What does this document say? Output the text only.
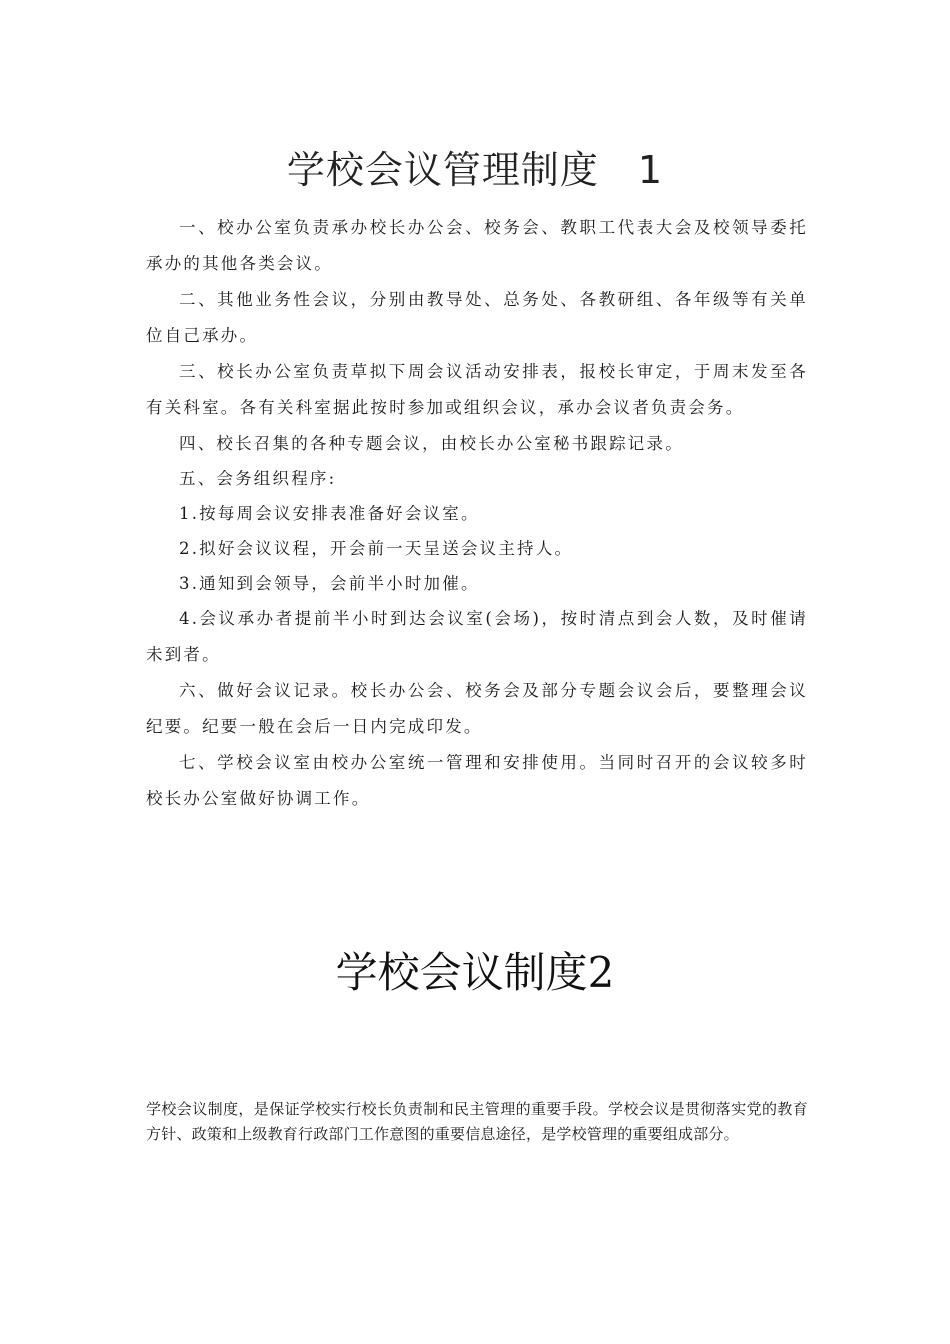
学校会议管理制度　1

一、校办公室负责承办校长办公会、校务会、教职工代表大会及校领导委托承办的其他各类会议。

二、其他业务性会议，分别由教导处、总务处、各教研组、各年级等有关单位自己承办。

三、校长办公室负责草拟下周会议活动安排表，报校长审定，于周末发至各有关科室。各有关科室据此按时参加或组织会议，承办会议者负责会务。

四、校长召集的各种专题会议，由校长办公室秘书跟踪记录。

五、会务组织程序:

1.按每周会议安排表准备好会议室。

2.拟好会议议程，开会前一天呈送会议主持人。

3.通知到会领导，会前半小时加催。

4.会议承办者提前半小时到达会议室(会场)，按时清点到会人数，及时催请未到者。

六、做好会议记录。校长办公会、校务会及部分专题会议会后，要整理会议纪要。纪要一般在会后一日内完成印发。

七、学校会议室由校办公室统一管理和安排使用。当同时召开的会议较多时校长办公室做好协调工作。

学校会议制度2

学校会议制度，是保证学校实行校长负责制和民主管理的重要手段。学校会议是贯彻落实党的教育方针、政策和上级教育行政部门工作意图的重要信息途径，是学校管理的重要组成部分。
